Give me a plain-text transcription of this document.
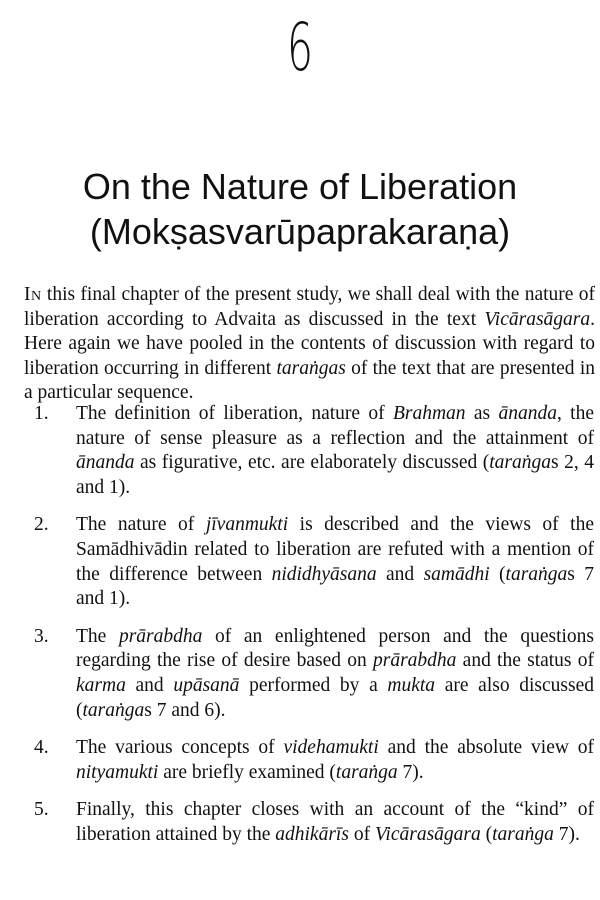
6
On the Nature of Liberation
(Mokṣasvarūpaprakaraṇa)

In this final chapter of the present study, we shall deal with the nature of liberation according to Advaita as discussed in the text Vicārasāgara. Here again we have pooled in the contents of discussion with regard to liberation occurring in different taraṅgas of the text that are presented in a particular sequence.

1. The definition of liberation, nature of Brahman as ānanda, the nature of sense pleasure as a reflection and the attainment of ānanda as figurative, etc. are elaborately discussed (taraṅgas 2, 4 and 1).
2. The nature of jīvanmukti is described and the views of the Samādhivādin related to liberation are refuted with a mention of the difference between nididhyāsana and samādhi (taraṅgas 7 and 1).
3. The prārabdha of an enlightened person and the questions regarding the rise of desire based on prārabdha and the status of karma and upāsanā performed by a mukta are also discussed (taraṅgas 7 and 6).
4. The various concepts of videhamukti and the absolute view of nityamukti are briefly examined (taraṅga 7).
5. Finally, this chapter closes with an account of the “kind” of liberation attained by the adhikārīs of Vicārasāgara (taraṅga 7).
